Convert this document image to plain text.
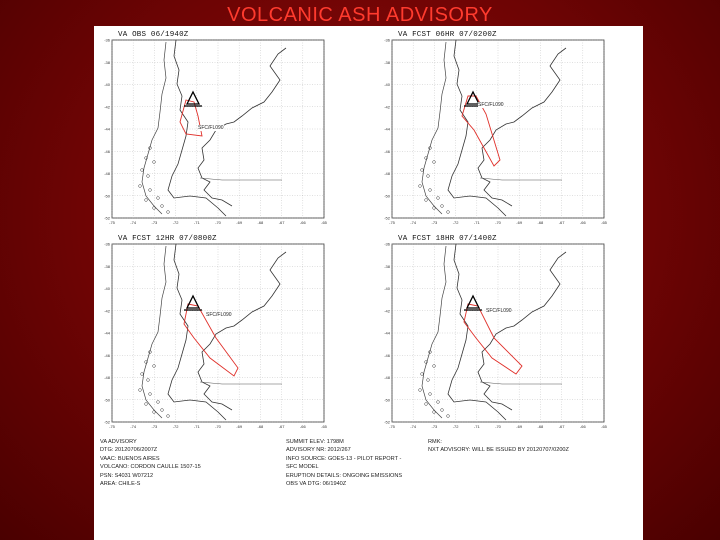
VOLCANIC ASH ADVISORY
-36
-38
-40
-42
-44
-46
-48
-50
-52
-75	-74	-73	-72	-71	-70	-69	-68	-67	-66	-65
VA OBS 06/1940Z
SFC/FL090
-36
-38
-40
-42
-44
-46
-48
-50
-52
-75	-74	-73	-72	-71	-70	-69	-68	-67	-66	-65
VA FCST 06HR 07/0200Z
SFC/FL090
-36
-38
-40
-42
-44
-46
-48
-50
-52
-75	-74	-73	-72	-71	-70	-69	-68	-67	-66	-65
VA FCST 12HR 07/0800Z
SFC/FL090
-36
-38
-40
-42
-44
-46
-48
-50
-52
-75	-74	-73	-72	-71	-70	-69	-68	-67	-66	-65
VA FCST 18HR 07/1400Z
SFC/FL090
VA ADVISORY
DTG: 20120706/2007Z
VAAC: BUENOS AIRES
VOLCANO: CORDON CAULLE 1507-15
PSN: S4031 W07212
AREA: CHILE-S
SUMMIT ELEV: 1798M
ADVISORY NR: 2012/267
INFO SOURCE: GOES-13 - PILOT REPORT -
SFC MODEL
ERUPTION DETAILS: ONGOING EMISSIONS
OBS VA DTG: 06/1940Z
RMK:
NXT ADVISORY: WILL BE ISSUED BY 20120707/0200Z
